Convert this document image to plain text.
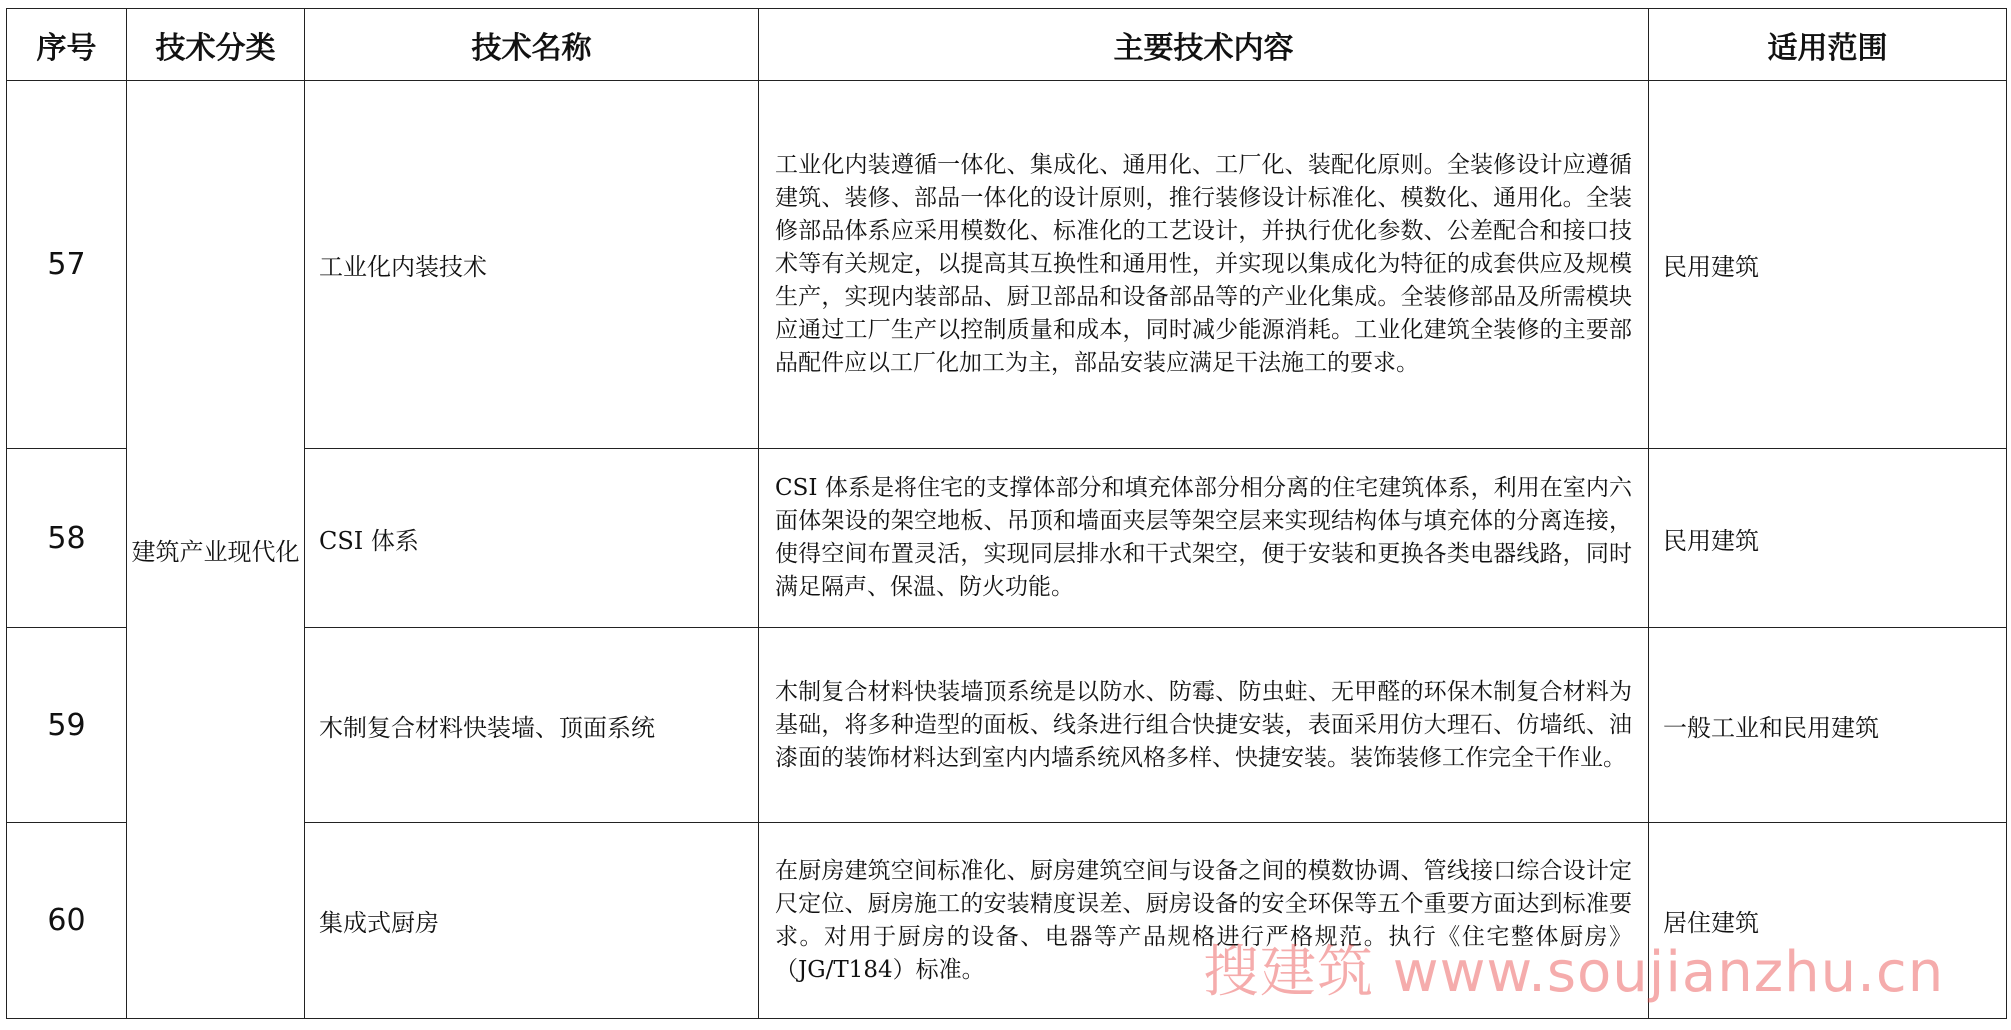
序号	技术分类	技术名称	主要技术内容	适用范围
57	建筑产业现代化	工业化内装技术	工业化内装遵循一体化、集成化、通用化、工厂化、装配化原则。全装修设计应遵循建筑、装修、部品一体化的设计原则，推行装修设计标准化、模数化、通用化。全装修部品体系应采用模数化、标准化的工艺设计，并执行优化参数、公差配合和接口技术等有关规定，以提高其互换性和通用性，并实现以集成化为特征的成套供应及规模生产，实现内装部品、厨卫部品和设备部品等的产业化集成。全装修部品及所需模块应通过工厂生产以控制质量和成本，同时减少能源消耗。工业化建筑全装修的主要部品配件应以工厂化加工为主，部品安装应满足干法施工的要求。	民用建筑
58		CSI 体系	CSI 体系是将住宅的支撑体部分和填充体部分相分离的住宅建筑体系，利用在室内六面体架设的架空地板、吊顶和墙面夹层等架空层来实现结构体与填充体的分离连接，使得空间布置灵活，实现同层排水和干式架空，便于安装和更换各类电器线路，同时满足隔声、保温、防火功能。	民用建筑
59		木制复合材料快装墙、顶面系统	木制复合材料快装墙顶系统是以防水、防霉、防虫蛀、无甲醛的环保木制复合材料为基础，将多种造型的面板、线条进行组合快捷安装，表面采用仿大理石、仿墙纸、油漆面的装饰材料达到室内内墙系统风格多样、快捷安装。装饰装修工作完全干作业。	一般工业和民用建筑
60		集成式厨房	在厨房建筑空间标准化、厨房建筑空间与设备之间的模数协调、管线接口综合设计定尺定位、厨房施工的安装精度误差、厨房设备的安全环保等五个重要方面达到标准要求。对用于厨房的设备、电器等产品规格进行严格规范。执行《住宅整体厨房》（JG/T184）标准。	居住建筑
搜建筑 www.soujianzhu.cn
